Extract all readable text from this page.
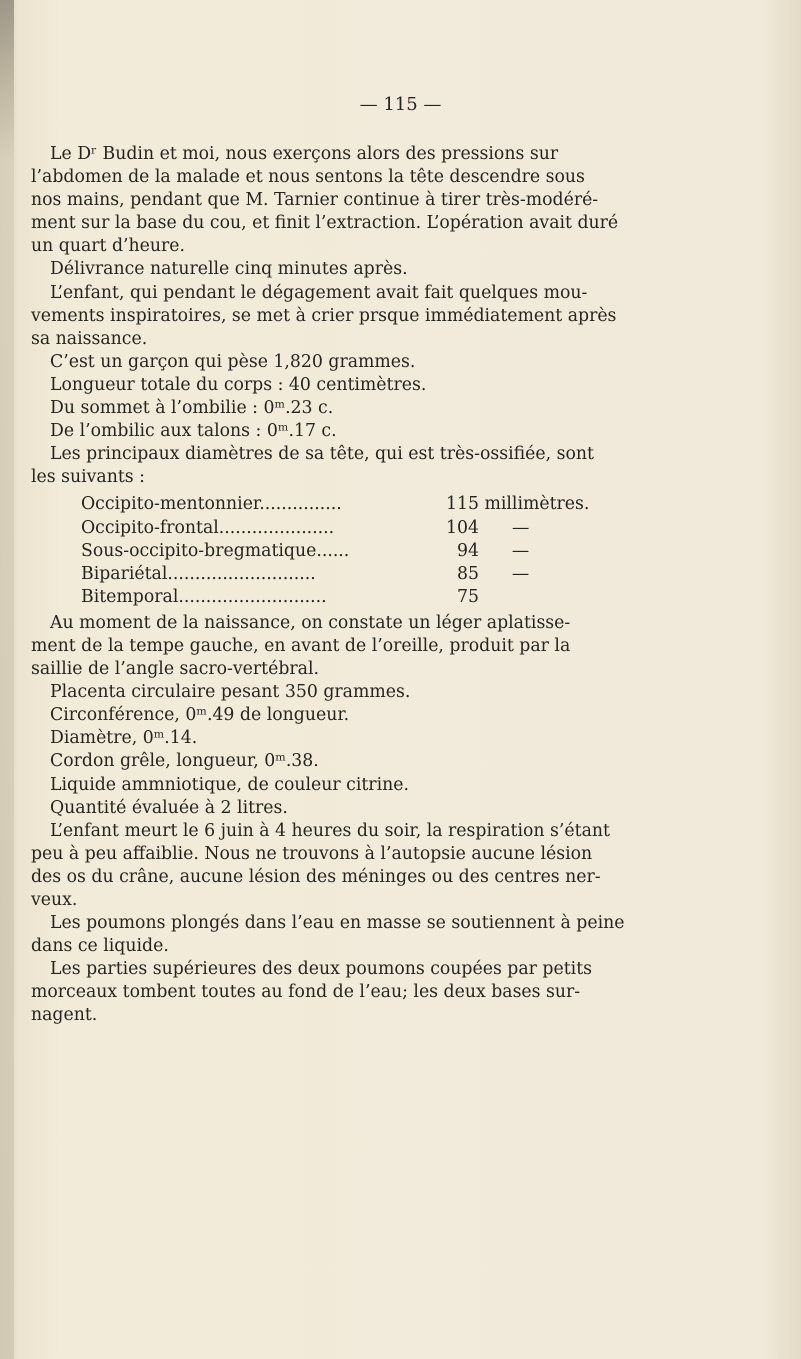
— 115 —
Le Dʳ Budin et moi, nous exerçons alors des pressions sur
l’abdomen de la malade et nous sentons la tête descendre sous
nos mains, pendant que M. Tarnier continue à tirer très-modéré-
ment sur la base du cou, et finit l’extraction. L’opération avait duré
un quart d’heure.
Délivrance naturelle cinq minutes après.
L’enfant, qui pendant le dégagement avait fait quelques mou-
vements inspiratoires, se met à crier prsque immédiatement après
sa naissance.
C’est un garçon qui pèse 1,820 grammes.
Longueur totale du corps : 40 centimètres.
Du sommet à l’ombilie : 0ᵐ.23 c.
De l’ombilic aux talons : 0ᵐ.17 c.
Les principaux diamètres de sa tête, qui est très-ossifiée, sont
les suivants :
Occipito-mentonnier...............	115 millimètres.
Occipito-frontal.....................	104      —
Sous-occipito-bregmatique......	94      —
Bipariétal...........................	85      —
Bitemporal...........................	75
Au moment de la naissance, on constate un léger aplatisse-
ment de la tempe gauche, en avant de l’oreille, produit par la
saillie de l’angle sacro-vertébral.
Placenta circulaire pesant 350 grammes.
Circonférence, 0ᵐ.49 de longueur.
Diamètre, 0ᵐ.14.
Cordon grêle, longueur, 0ᵐ.38.
Liquide ammniotique, de couleur citrine.
Quantité évaluée à 2 litres.
L’enfant meurt le 6 juin à 4 heures du soir, la respiration s’étant
peu à peu affaiblie. Nous ne trouvons à l’autopsie aucune lésion
des os du crâne, aucune lésion des méninges ou des centres ner-
veux.
Les poumons plongés dans l’eau en masse se soutiennent à peine
dans ce liquide.
Les parties supérieures des deux poumons coupées par petits
morceaux tombent toutes au fond de l’eau; les deux bases sur-
nagent.
